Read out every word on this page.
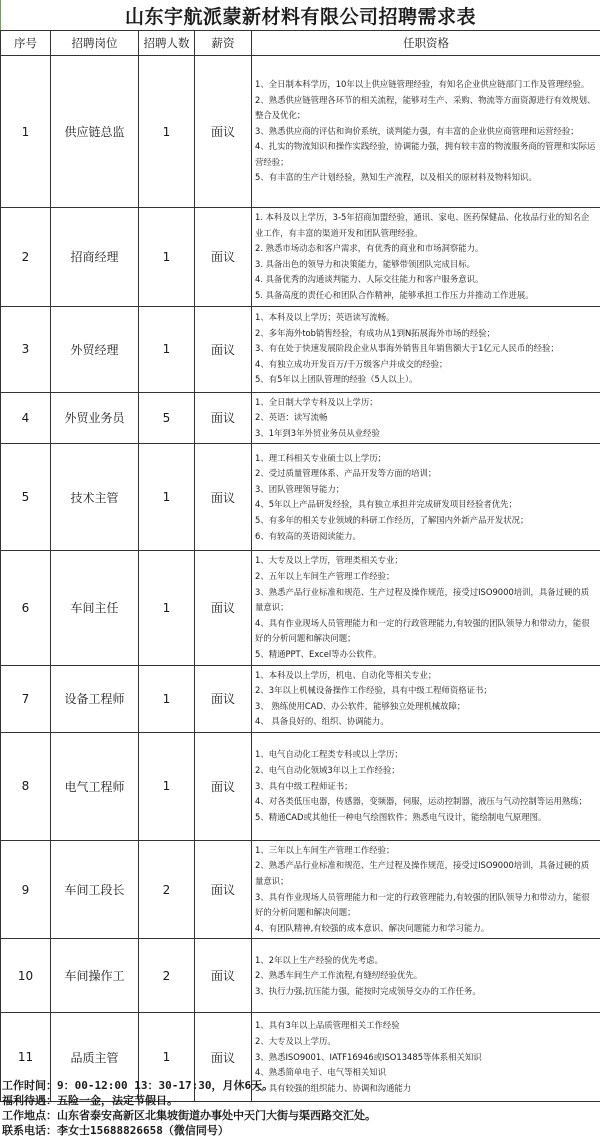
山东宇航派蒙新材料有限公司招聘需求表
序号	招聘岗位	招聘人数	薪资	任职资格
1	供应链总监	1	面议	1、全日制本科学历，10年以上供应链管理经验，有知名企业供应链部门工作及管理经验。
2、熟悉供应链管理各环节的相关流程，能够对生产、采购、物流等方面资源进行有效规划、整合及优化；
3、熟悉供应商的评估和询价系统，谈判能力强，有丰富的企业供应商管理和运营经验；
4、扎实的物流知识和操作实践经验，协调能力强，拥有较丰富的物流服务商的管理和实际运营经验；
5、有丰富的生产计划经验，熟知生产流程，以及相关的原材料及物料知识。

2	招商经理	1	面议	1. 本科及以上学历，3-5年招商加盟经验，通讯、家电、医药保健品、化妆品行业的知名企业工作，有丰富的渠道开发和团队管理经验。
2. 熟悉市场动态和客户需求，有优秀的商业和市场洞察能力。
3. 具备出色的领导力和决策能力，能够带领团队完成目标。
4. 具备优秀的沟通谈判能力、人际交往能力和客户服务意识。
5. 具备高度的责任心和团队合作精神，能够承担工作压力并推动工作进展。

3	外贸经理	1	面议	1、本科及以上学历；英语读写流畅。
2、多年海外tob销售经验，有成功从1到N拓展海外市场的经验；
3、有在处于快速发展阶段企业从事海外销售且年销售额大于1亿元人民币的经验；
4、有独立成功开发百万/千万级客户并成交的经验；
5、有5年以上团队管理的经验（5人以上）。

4	外贸业务员	5	面议	1、全日制大学专科及以上学历；
2、英语：读写流畅
3、1年到3年外贸业务员从业经验

5	技术主管	1	面议	
1、理工科相关专业硕士以上学历；
2、受过质量管理体系、产品开发等方面的培训；
3、团队管理领导能力；
4、5年以上产品研发经验，具有独立承担并完成研发项目经验者优先；
5、有多年的相关专业领域的科研工作经历，了解国内外新产品开发状况；
6、有较高的英语阅读能力。

6	车间主任	1	面议	1、大专及以上学历，管理类相关专业；
2、五年以上车间生产管理工作经验；
3、熟悉产品行业标准和规范、生产过程及操作规范，接受过ISO9000培训，具备过硬的质量意识；
4、具有作业现场人员管理能力和一定的行政管理能力,有较强的团队领导力和带动力，能很好的分析问题和解决问题；
5、精通PPT、Excel等办公软件。

7	设备工程师	1	面议	1、本科及以上学历，机电、自动化等相关专业；
2、3年以上机械设备操作工作经验，具有中级工程师资格证书；
3、 熟练使用CAD、办公软件，能够独立处理机械故障；
4、 具备良好的、组织、协调能力。

8	电气工程师	1	面议	1、电气自动化工程类专科或以上学历；
2、电气自动化领域3年以上工作经验；
3、具有中级工程师证书；
4、对各类低压电器，传感器，变频器，伺服，运动控制器，液压与气动控制等运用熟练；
5、精通CAD或其他任一种电气绘图软件；熟悉电气设计，能绘制电气原理图。

9	车间工段长	2	面议	1、三年以上车间生产管理工作经验；
2、熟悉产品行业标准和规范、生产过程及操作规范，接受过ISO9000培训，具备过硬的质量意识；
3、具有作业现场人员管理能力和一定的行政管理能力,有较强的团队领导力和带动力，能很好的分析问题和解决问题；
4、有团队精神,有较强的成本意识、解决问题能力和学习能力。

10	车间操作工	2	面议	1、2年以上生产经验的优先考虑。
2、熟悉车间生产工作流程,有缝纫经验优先。
3、执行力强,抗压能力强，能按时完成领导交办的工作任务。

11	品质主管	1	面议	1、具有3年以上品质管理相关工作经验
2、大专及以上学历。
3、熟悉ISO9001、IATF16946或ISO13485等体系相关知识
4、熟悉简单电子、电气等相关知识
5、具有较强的组织能力、协调和沟通能力
工作时间：9：00-12:00 13：30-17:30，月休6天。
福利待遇：五险一金，法定节假日。
工作地点：山东省泰安高新区北集坡街道办事处中天门大街与渠西路交汇处。
联系电话：李女士15688826658（微信同号）
